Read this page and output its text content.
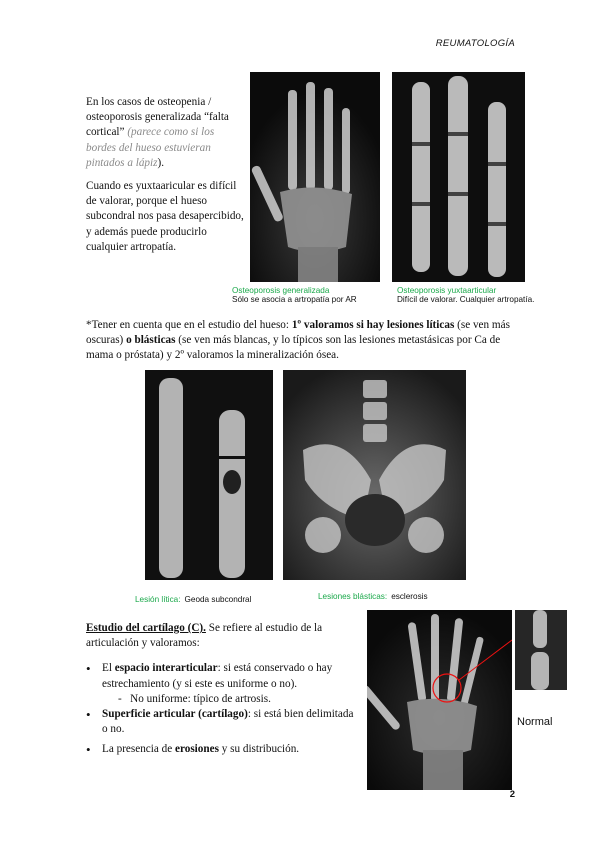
REUMATOLOGÍA
En los casos de osteopenia / osteoporosis generalizada “falta cortical” (parece como si los bordes del hueso estuvieran pintados a lápiz).
Cuando es yuxtaaricular es difícil de valorar, porque el hueso subcondral nos pasa desapercibido, y además puede producirlo cualquier artropatía.
Osteoporosis generalizada
Sólo se asocia a artropatía por AR
Osteoporosis yuxtaarticular
Difícil de valorar. Cualquier artropatía.
*Tener en cuenta que en el estudio del hueso: 1º valoramos si hay lesiones líticas (se ven más oscuras) o blásticas (se ven más blancas, y lo típicos son las lesiones metastásicas por Ca de mama o próstata) y 2º valoramos la mineralización ósea.
Lesión lítica: Geoda subcondral	Lesiones blásticas: esclerosis
Estudio del cartílago (C). Se refiere al estudio de la articulación y valoramos:
• El espacio interarticular: si está conservado o hay estrechamiento (y si este es uniforme o no).
-   No uniforme: típico de artrosis.
• Superficie articular (cartílago): si está bien delimitada o no.
• La presencia de erosiones y su distribución.
Normal
2
